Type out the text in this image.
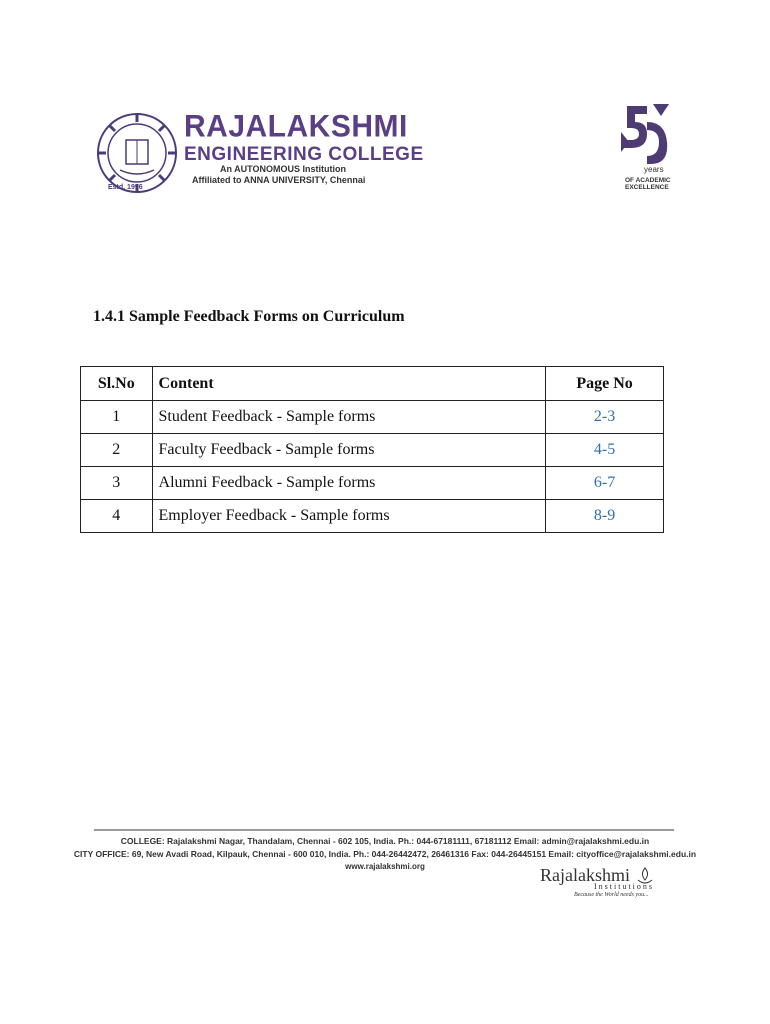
Estd. 1996
RAJALAKSHMI
ENGINEERING COLLEGE
An AUTONOMOUS Institution
Affiliated to ANNA UNIVERSITY, Chennai
years
OF ACADEMIC
EXCELLENCE
1.4.1 Sample Feedback Forms on Curriculum
Sl.No	Content	Page No
1	Student Feedback - Sample forms	2-3
2	Faculty Feedback - Sample forms	4-5
3	Alumni Feedback - Sample forms	6-7
4	Employer Feedback - Sample forms	8-9
COLLEGE: Rajalakshmi Nagar, Thandalam, Chennai - 602 105, India. Ph.: 044-67181111, 67181112 Email: admin@rajalakshmi.edu.in
CITY OFFICE: 69, New Avadi Road, Kilpauk, Chennai - 600 010, India. Ph.: 044-26442472, 26461316 Fax: 044-26445151 Email: cityoffice@rajalakshmi.edu.in
www.rajalakshmi.org	Rajalakshmi
Institutions
Because the World needs you...
